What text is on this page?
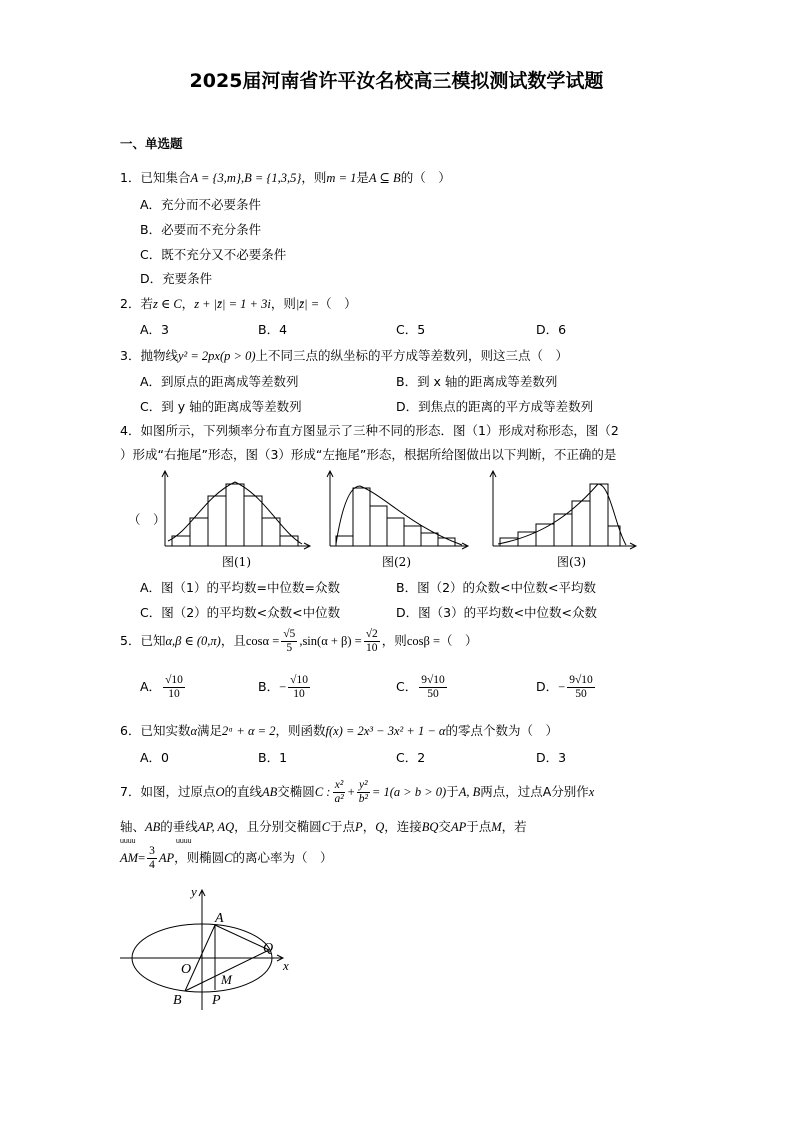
2025届河南省许平汝名校高三模拟测试数学试题
一、单选题
1．已知集合A = {3,m},B = {1,3,5}，则m = 1是A ⊆ B的（　）
A．充分而不必要条件
B．必要而不充分条件
C．既不充分又不必要条件
D．充要条件
2．若z ∈ C，z + |z̄| = 1 + 3i，则|z̄| =（　）
A．3	B．4	C．5	D．6
3．抛物线y² = 2px(p > 0)上不同三点的纵坐标的平方成等差数列，则这三点（　）
A．到原点的距离成等差数列	B．到 x 轴的距离成等差数列
C．到 y 轴的距离成等差数列	D．到焦点的距离的平方成等差数列
4．如图所示，下列频率分布直方图显示了三种不同的形态．图（1）形成对称形态，图（2
）形成“右拖尾”形态，图（3）形成“左拖尾”形态，根据所给图做出以下判断，不正确的是
（　）
图(1)	图(2)	图(3)
A．图（1）的平均数=中位数=众数	B．图（2）的众数<中位数<平均数
C．图（2）的平均数<众数<中位数	D．图（3）的平均数<中位数<众数
5．已知α,β ∈ (0,π)，且$\cos\alpha = \frac{√5}{5} ,\sin(\alpha + \beta) = \frac{√2}{10}$ ，则cosβ =（　）
A． $\frac{√10}{10}$	B．− $\frac{√10}{10}$	C． $\frac{9√10}{50}$	D．− $\frac{9√10}{50}$
6．已知实数α满足2ᵅ + α = 2，则函数f(x) = 2x³ − 3x² + 1 − α的零点个数为（　）
A．0	B．1	C．2	D．3
7．如图，过原点O的直线AB交椭圆C : $\frac{\text{x²}}{\text{a²}} + \frac{\text{y²}}{\text{b²}} = 1(a > b > 0)$于A, B两点，过点A分别作x
轴、AB的垂线AP, AQ，且分别交椭圆C于点P，Q，连接BQ交AP于点M，若
uuuu	uuuu
$AM= \frac{3}{4}$ AP，则椭圆C的离心率为（　）
y
A
Q
O	x
M
B P
